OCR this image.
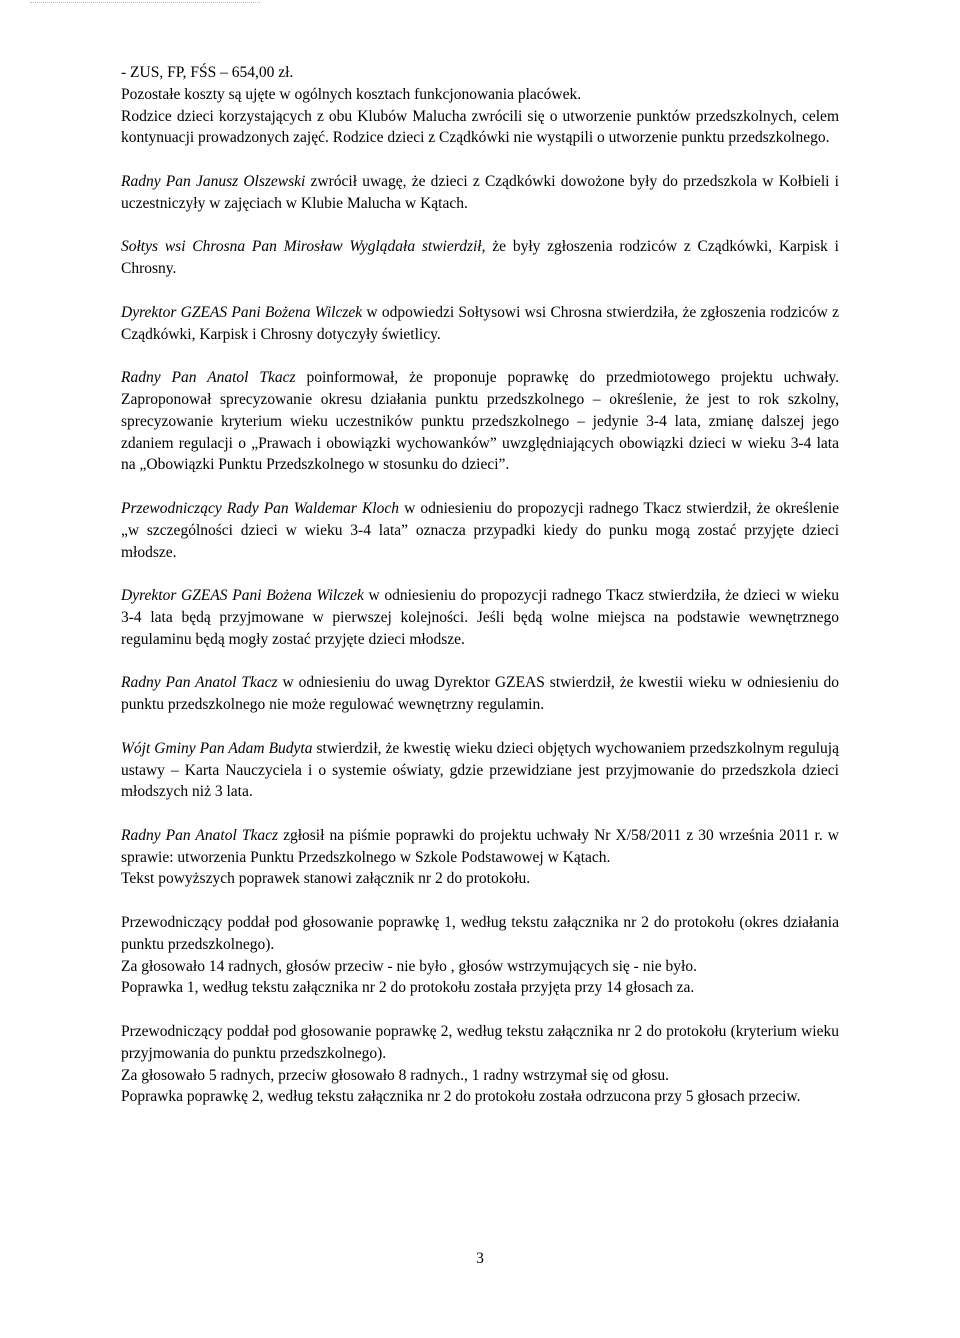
- ZUS, FP, FŚS – 654,00 zł.

Pozostałe koszty są ujęte w ogólnych kosztach funkcjonowania placówek.

Rodzice dzieci korzystających z obu Klubów Malucha zwrócili się o utworzenie punktów przedszkolnych, celem kontynuacji prowadzonych zajęć. Rodzice dzieci z Cządkówki nie wystąpili o utworzenie punktu przedszkolnego.

Radny Pan Janusz Olszewski zwrócił uwagę, że dzieci z Cządkówki dowożone były do przedszkola w Kołbieli i uczestniczyły w zajęciach w Klubie Malucha w Kątach.

Sołtys wsi Chrosna Pan Mirosław Wyglądała stwierdził, że były zgłoszenia rodziców z Cządkówki, Karpisk i Chrosny.

Dyrektor GZEAS Pani Bożena Wilczek w odpowiedzi Sołtysowi wsi Chrosna stwierdziła, że zgłoszenia rodziców z Cządkówki, Karpisk i Chrosny dotyczyły świetlicy.

Radny Pan Anatol Tkacz poinformował, że proponuje poprawkę do przedmiotowego projektu uchwały. Zaproponował sprecyzowanie okresu działania punktu przedszkolnego – określenie, że jest to rok szkolny, sprecyzowanie kryterium wieku uczestników punktu przedszkolnego – jedynie 3-4 lata, zmianę dalszej jego zdaniem regulacji o „Prawach i obowiązki wychowanków” uwzględniających obowiązki dzieci w wieku 3-4 lata na „Obowiązki Punktu Przedszkolnego w stosunku do dzieci”.

Przewodniczący Rady Pan Waldemar Kloch w odniesieniu do propozycji radnego Tkacz stwierdził, że określenie „w szczególności dzieci w wieku 3-4 lata” oznacza przypadki kiedy do punku mogą zostać przyjęte dzieci młodsze.

Dyrektor GZEAS Pani Bożena Wilczek w odniesieniu do propozycji radnego Tkacz stwierdziła, że dzieci w wieku 3-4 lata będą przyjmowane w pierwszej kolejności. Jeśli będą wolne miejsca na podstawie wewnętrznego regulaminu będą mogły zostać przyjęte dzieci młodsze.

Radny Pan Anatol Tkacz w odniesieniu do uwag Dyrektor GZEAS stwierdził, że kwestii wieku w odniesieniu do punktu przedszkolnego nie może regulować wewnętrzny regulamin.

Wójt Gminy Pan Adam Budyta stwierdził, że kwestię wieku dzieci objętych wychowaniem przedszkolnym regulują ustawy – Karta Nauczyciela i o systemie oświaty, gdzie przewidziane jest przyjmowanie do przedszkola dzieci młodszych niż 3 lata.

Radny Pan Anatol Tkacz zgłosił na piśmie poprawki do projektu uchwały Nr X/58/2011 z 30 września 2011 r. w sprawie: utworzenia Punktu Przedszkolnego w Szkole Podstawowej w Kątach.

Tekst powyższych poprawek stanowi załącznik nr 2 do protokołu.

Przewodniczący poddał pod głosowanie poprawkę 1, według tekstu załącznika nr 2 do protokołu (okres działania punktu przedszkolnego).

Za głosowało 14 radnych, głosów przeciw - nie było , głosów wstrzymujących się - nie było.

Poprawka 1, według tekstu załącznika nr 2 do protokołu została przyjęta przy 14 głosach za.

Przewodniczący poddał pod głosowanie poprawkę 2, według tekstu załącznika nr 2 do protokołu (kryterium wieku przyjmowania do punktu przedszkolnego).

Za głosowało 5 radnych, przeciw głosowało 8 radnych., 1 radny wstrzymał się od głosu.

Poprawka poprawkę 2, według tekstu załącznika nr 2 do protokołu została odrzucona przy 5 głosach przeciw.

3
